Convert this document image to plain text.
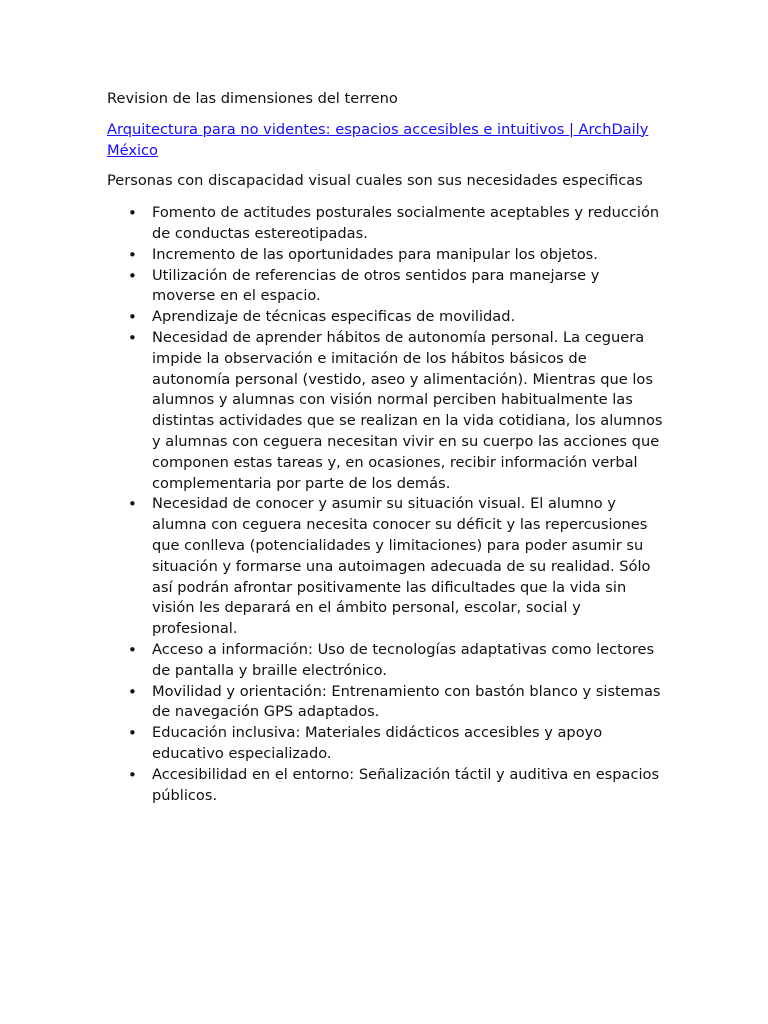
Revision de las dimensiones del terreno

Arquitectura para no videntes: espacios accesibles e intuitivos | ArchDaily México

Personas con discapacidad visual cuales son sus necesidades especificas

• Fomento de actitudes posturales socialmente aceptables y reducción de conductas estereotipadas.
• Incremento de las oportunidades para manipular los objetos.
• Utilización de referencias de otros sentidos para manejarse y moverse en el espacio.
• Aprendizaje de técnicas especificas de movilidad.
• Necesidad de aprender hábitos de autonomía personal. La ceguera impide la observación e imitación de los hábitos básicos de autonomía personal (vestido, aseo y alimentación). Mientras que los alumnos y alumnas con visión normal perciben habitualmente las distintas actividades que se realizan en la vida cotidiana, los alumnos y alumnas con ceguera necesitan vivir en su cuerpo las acciones que componen estas tareas y, en ocasiones, recibir información verbal complementaria por parte de los demás.
• Necesidad de conocer y asumir su situación visual. El alumno y alumna con ceguera necesita conocer su déficit y las repercusiones que conlleva (potencialidades y limitaciones) para poder asumir su situación y formarse una autoimagen adecuada de su realidad. Sólo así podrán afrontar positivamente las dificultades que la vida sin visión les deparará en el ámbito personal, escolar, social y profesional.
• Acceso a información: Uso de tecnologías adaptativas como lectores de pantalla y braille electrónico.
• Movilidad y orientación: Entrenamiento con bastón blanco y sistemas de navegación GPS adaptados.
• Educación inclusiva: Materiales didácticos accesibles y apoyo educativo especializado.
• Accesibilidad en el entorno: Señalización táctil y auditiva en espacios públicos.
